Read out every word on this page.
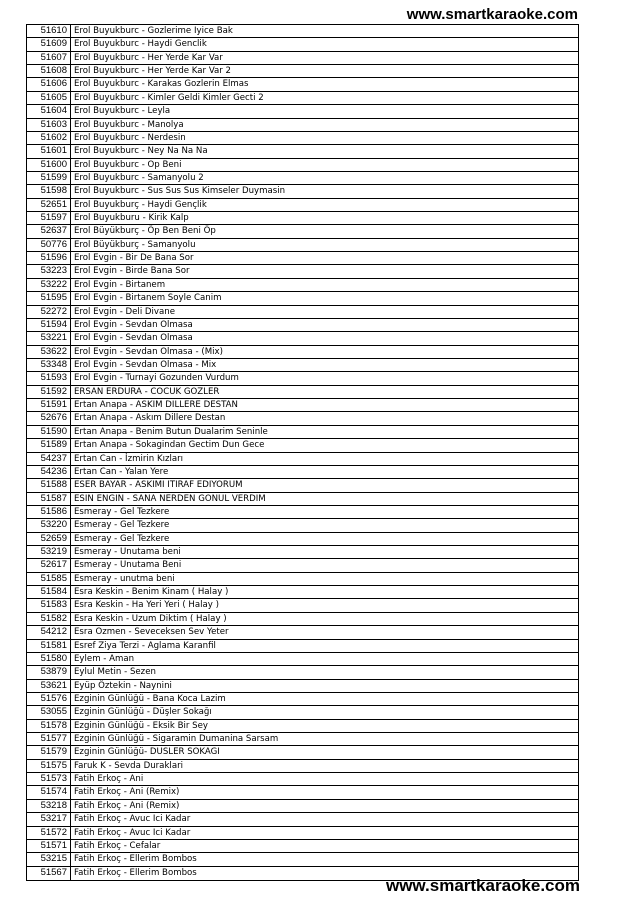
www.smartkaraoke.com
51610 Erol Buyukburc - Gozlerime Iyice Bak
51609 Erol Buyukburc - Haydi Genclik
51607 Erol Buyukburc - Her Yerde Kar Var
51608 Erol Buyukburc - Her Yerde Kar Var 2
51606 Erol Buyukburc - Karakas Gozlerin Elmas
51605 Erol Buyukburc - Kimler Geldi Kimler Gecti 2
51604 Erol Buyukburc - Leyla
51603 Erol Buyukburc - Manolya
51602 Erol Buyukburc - Nerdesin
51601 Erol Buyukburc - Ney Na Na Na
51600 Erol Buyukburc - Op Beni
51599 Erol Buyukburc - Samanyolu 2
51598 Erol Buyukburc - Sus Sus Sus Kimseler Duymasin
52651 Erol Buyukburç - Haydi Gençlik
51597 Erol Buyukburu - Kirik Kalp
52637 Erol Büyükburç - Öp Ben Beni Öp
50776 Erol Büyükburç - Samanyolu
51596 Erol Evgin - Bir De Bana Sor
53223 Erol Evgin - Birde Bana Sor
53222 Erol Evgin - Birtanem
51595 Erol Evgin - Birtanem Soyle Canim
52272 Erol Evgin - Deli Divane
51594 Erol Evgin - Sevdan Olmasa
53221 Erol Evgin - Sevdan Olmasa
53622 Erol Evgin - Sevdan Olmasa - (Mix)
53348 Erol Evgin - Sevdan Olmasa - Mix
51593 Erol Evgin - Turnayi Gozunden Vurdum
51592 ERSAN ERDURA - COCUK GOZLER
51591 Ertan Anapa - ASKIM DILLERE DESTAN
52676 Ertan Anapa - Askım Dillere Destan
51590 Ertan Anapa - Benim Butun Dualarim Seninle
51589 Ertan Anapa - Sokagindan Gectim Dun Gece
54237 Ertan Can - İzmirin Kızları
54236 Ertan Can - Yalan Yere
51588 ESER BAYAR - ASKIMI ITIRAF EDIYORUM
51587 ESIN ENGIN - SANA NERDEN GONUL VERDIM
51586 Esmeray - Gel Tezkere
53220 Esmeray - Gel Tezkere
52659 Esmeray - Gel Tezkere
53219 Esmeray - Unutama beni
52617 Esmeray - Unutama Beni
51585 Esmeray - unutma beni
51584 Esra Keskin - Benim Kinam ( Halay )
51583 Esra Keskin - Ha Yeri Yeri ( Halay )
51582 Esra Keskin - Uzum Diktim ( Halay )
54212 Esra Ozmen - Seveceksen Sev Yeter
51581 Esref Ziya Terzi - Aglama Karanfil
51580 Eylem - Aman
53879 Eylul Metin - Sezen
53621 Eyüp Öztekin - Naynini
51576 Ezginin Günlüğü - Bana Koca Lazim
53055 Ezginin Günlüğü - Düşler Sokağı
51578 Ezginin Günlüğü - Eksik Bir Sey
51577 Ezginin Günlüğü - Sigaramin Dumanina Sarsam
51579 Ezginin Günlüğü- DUSLER SOKAGI
51575 Faruk K - Sevda Duraklari
51573 Fatih Erkoç - Ani
51574 Fatih Erkoç - Ani (Remix)
53218 Fatih Erkoç - Ani (Remix)
53217 Fatih Erkoç - Avuc Ici Kadar
51572 Fatih Erkoç - Avuc Ici Kadar
51571 Fatih Erkoç - Cefalar
53215 Fatih Erkoç - Ellerim Bombos
51567 Fatih Erkoç - Ellerim Bombos
www.smartkaraoke.com
